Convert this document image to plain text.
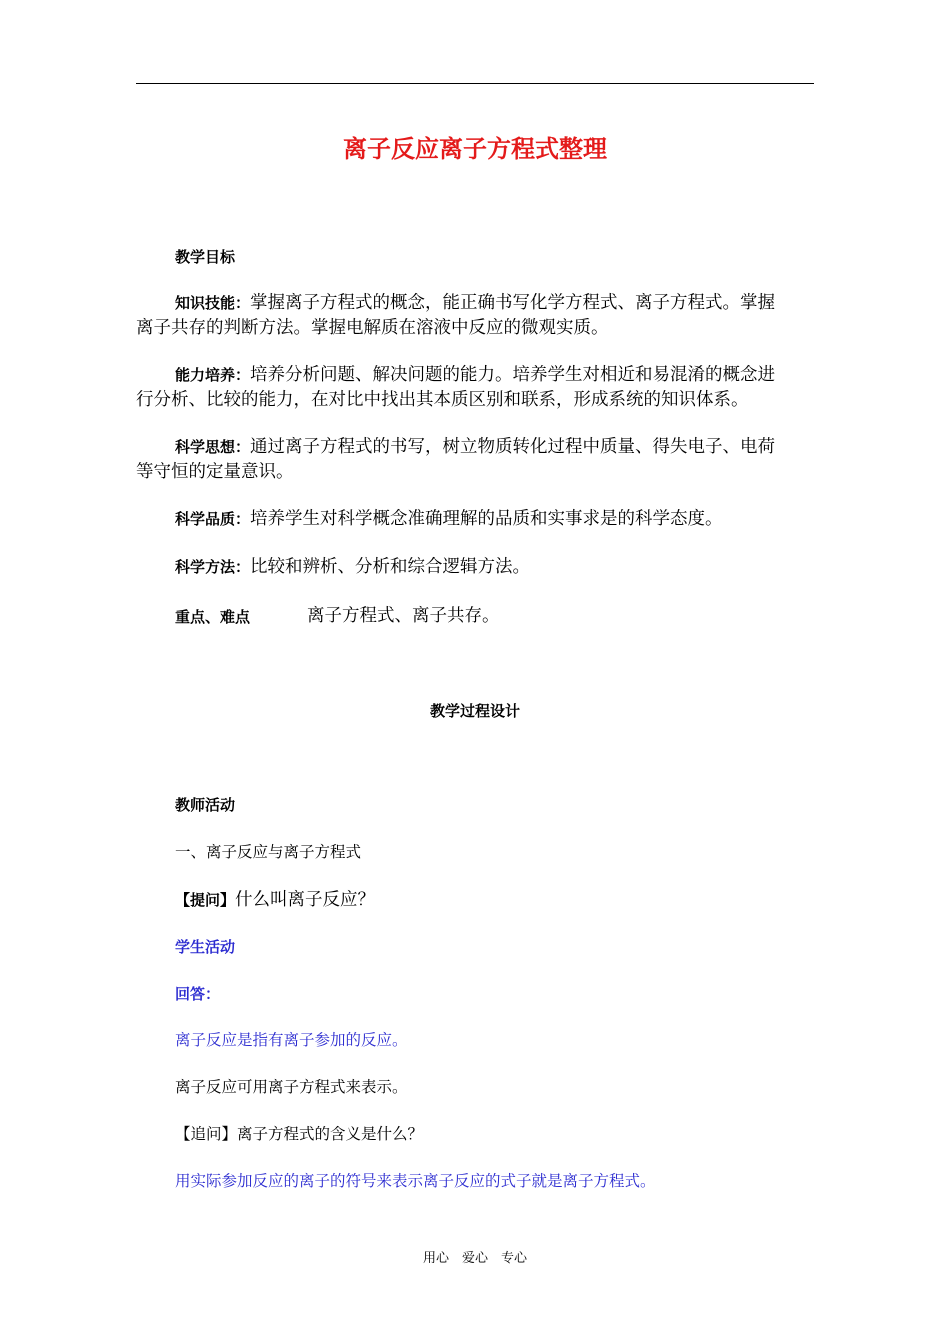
离子反应离子方程式整理
教学目标
知识技能：掌握离子方程式的概念，能正确书写化学方程式、离子方程式。掌握
离子共存的判断方法。掌握电解质在溶液中反应的微观实质。
能力培养：培养分析问题、解决问题的能力。培养学生对相近和易混淆的概念进
行分析、比较的能力，在对比中找出其本质区别和联系，形成系统的知识体系。
科学思想：通过离子方程式的书写，树立物质转化过程中质量、得失电子、电荷
等守恒的定量意识。
科学品质：培养学生对科学概念准确理解的品质和实事求是的科学态度。
科学方法：比较和辨析、分析和综合逻辑方法。
重点、难点	离子方程式、离子共存。
教学过程设计
教师活动
一、离子反应与离子方程式
【提问】什么叫离子反应？
学生活动
回答：
离子反应是指有离子参加的反应。
离子反应可用离子方程式来表示。
【追问】离子方程式的含义是什么？
用实际参加反应的离子的符号来表示离子反应的式子就是离子方程式。
用心　爱心　专心
